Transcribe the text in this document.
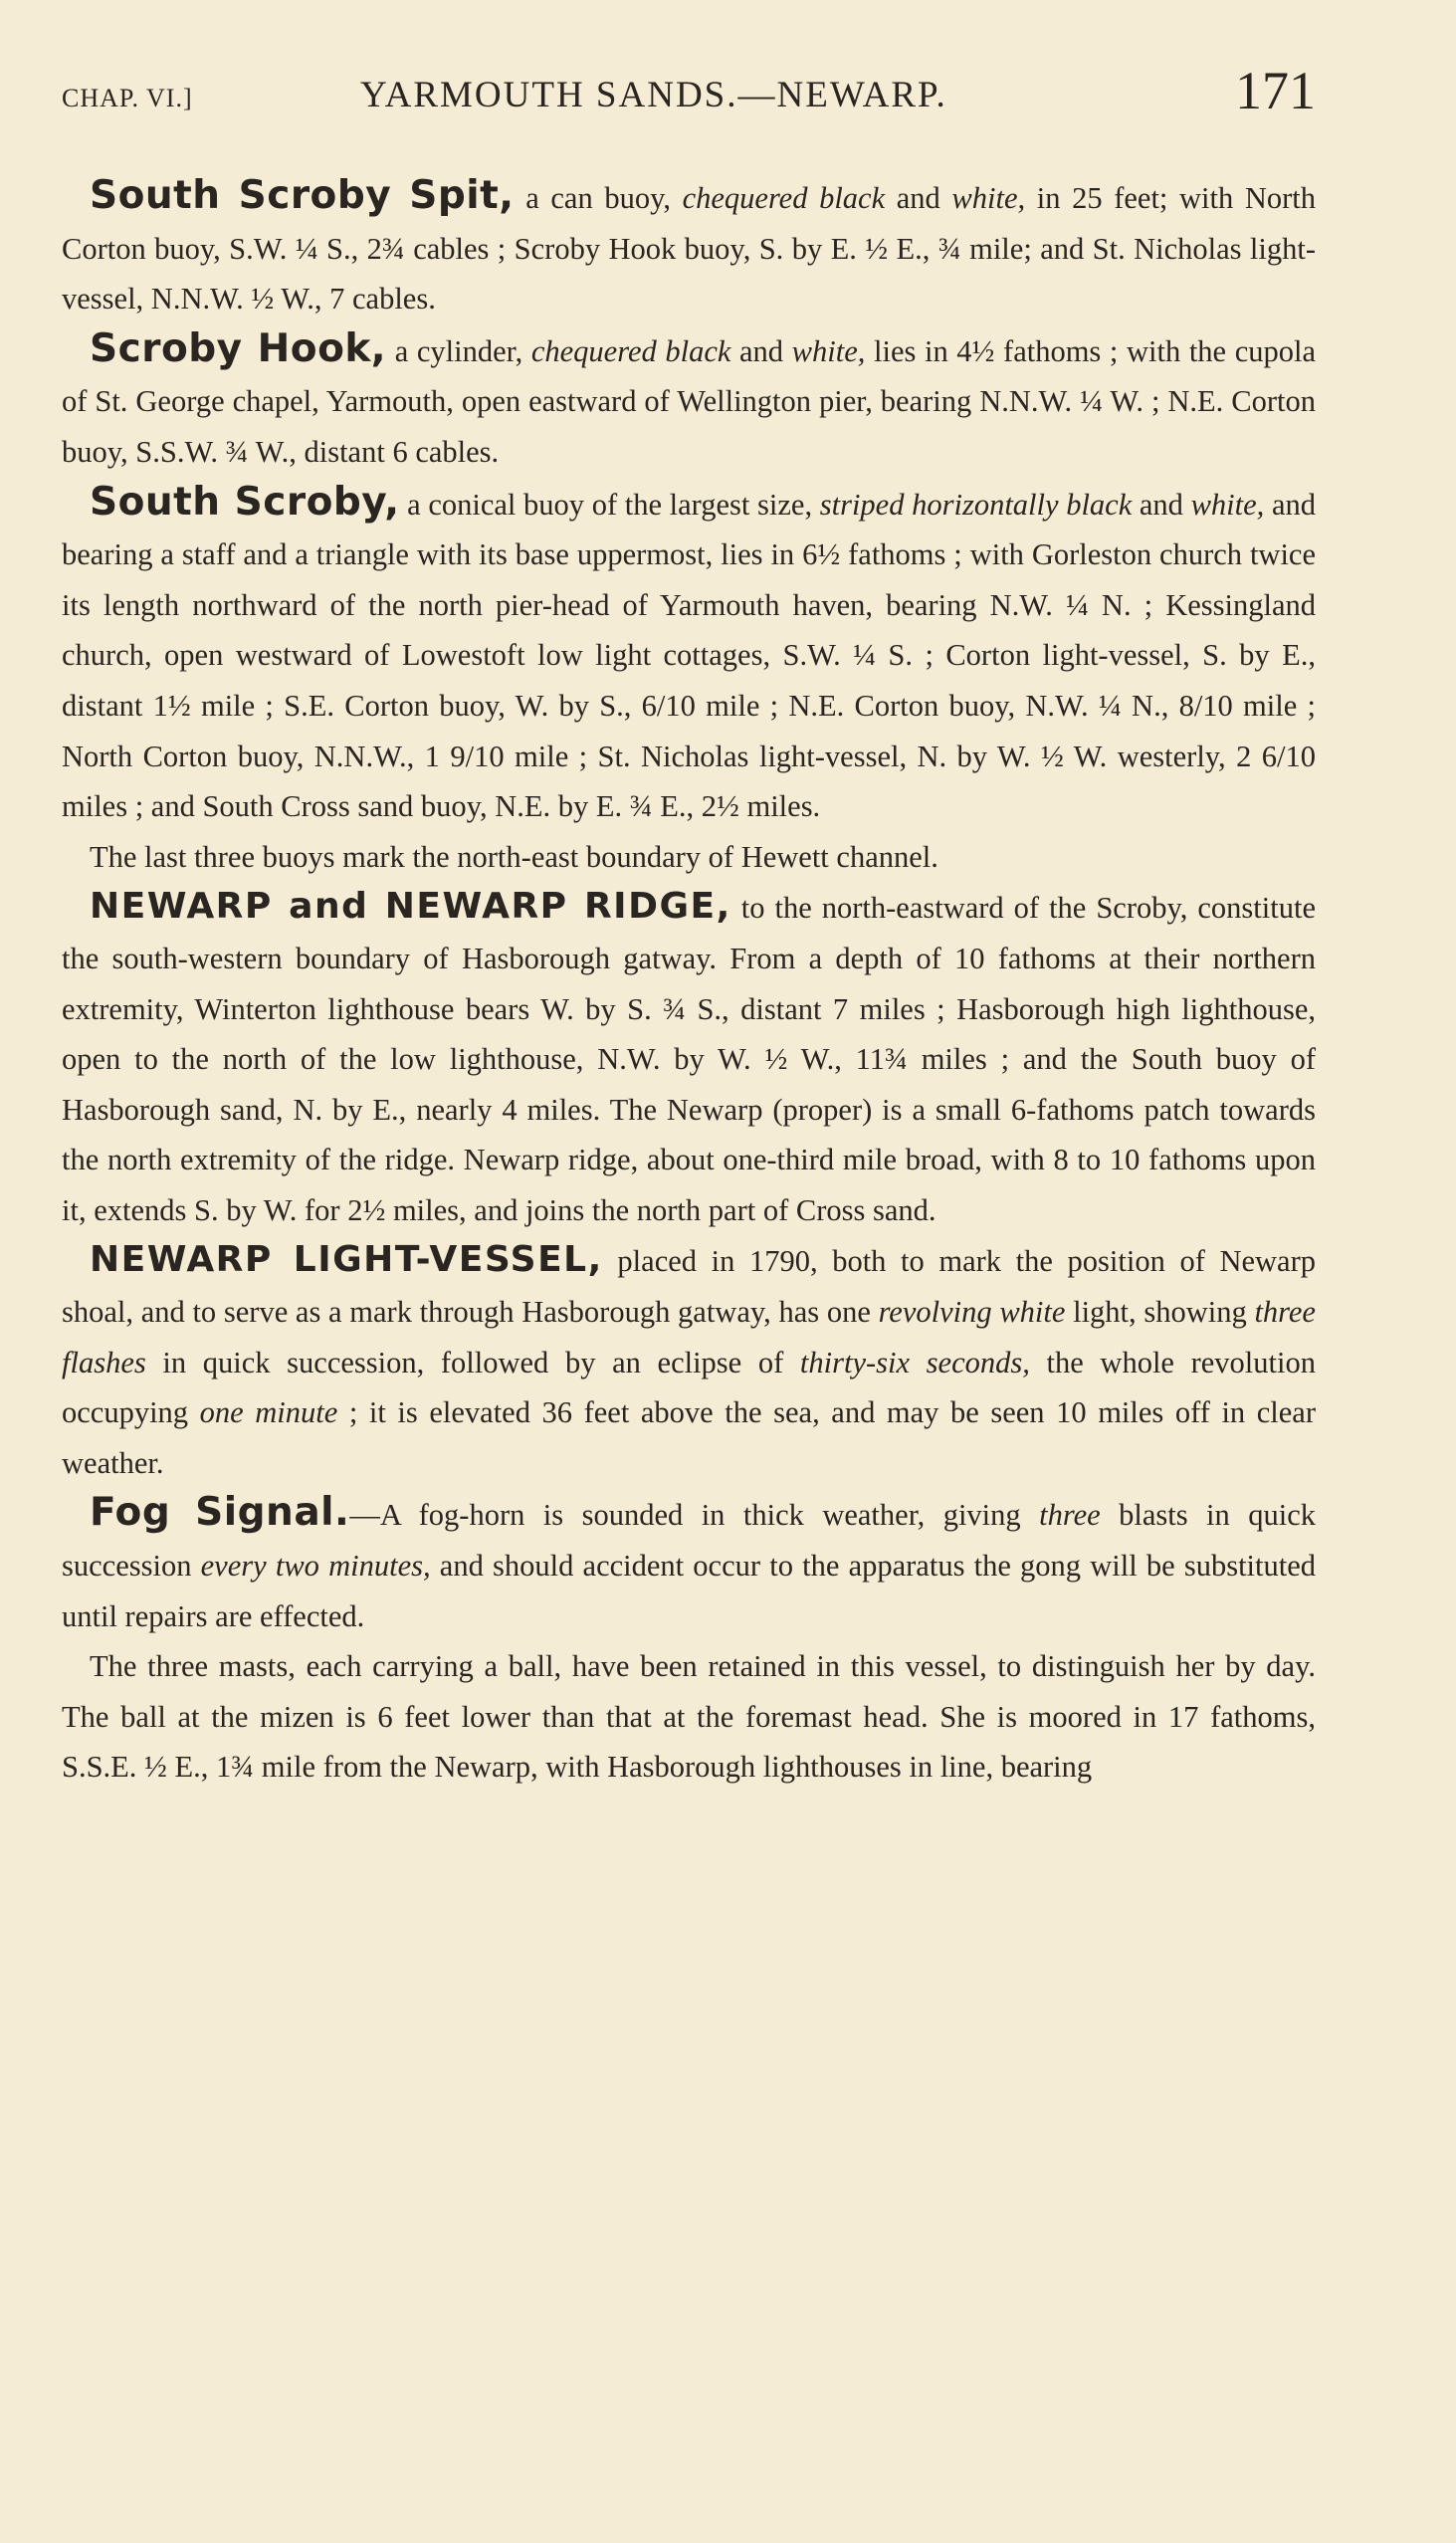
CHAP. VI.]	YARMOUTH SANDS.—NEWARP.	171

South Scroby Spit, a can buoy, chequered black and white, in 25 feet; with North Corton buoy, S.W. ¼ S., 2¾ cables ; Scroby Hook buoy, S. by E. ½ E., ¾ mile; and St. Nicholas light-vessel, N.N.W. ½ W., 7 cables.

Scroby Hook, a cylinder, chequered black and white, lies in 4½ fathoms ; with the cupola of St. George chapel, Yarmouth, open eastward of Wellington pier, bearing N.N.W. ¼ W. ; N.E. Corton buoy, S.S.W. ¾ W., distant 6 cables.

South Scroby, a conical buoy of the largest size, striped horizontally black and white, and bearing a staff and a triangle with its base uppermost, lies in 6½ fathoms ; with Gorleston church twice its length northward of the north pier-head of Yarmouth haven, bearing N.W. ¼ N. ; Kessingland church, open westward of Lowestoft low light cottages, S.W. ¼ S. ; Corton light-vessel, S. by E., distant 1½ mile ; S.E. Corton buoy, W. by S., 6/10 mile ; N.E. Corton buoy, N.W. ¼ N., 8/10 mile ; North Corton buoy, N.N.W., 1 9/10 mile ; St. Nicholas light-vessel, N. by W. ½ W. westerly, 2 6/10 miles ; and South Cross sand buoy, N.E. by E. ¾ E., 2½ miles.

The last three buoys mark the north-east boundary of Hewett channel.

NEWARP and NEWARP RIDGE, to the north-eastward of the Scroby, constitute the south-western boundary of Hasborough gatway. From a depth of 10 fathoms at their northern extremity, Winterton lighthouse bears W. by S. ¾ S., distant 7 miles ; Hasborough high lighthouse, open to the north of the low lighthouse, N.W. by W. ½ W., 11¾ miles ; and the South buoy of Hasborough sand, N. by E., nearly 4 miles. The Newarp (proper) is a small 6-fathoms patch towards the north extremity of the ridge. Newarp ridge, about one-third mile broad, with 8 to 10 fathoms upon it, extends S. by W. for 2½ miles, and joins the north part of Cross sand.

NEWARP LIGHT-VESSEL, placed in 1790, both to mark the position of Newarp shoal, and to serve as a mark through Hasborough gatway, has one revolving white light, showing three flashes in quick succession, followed by an eclipse of thirty-six seconds, the whole revolution occupying one minute ; it is elevated 36 feet above the sea, and may be seen 10 miles off in clear weather.

Fog Signal.—A fog-horn is sounded in thick weather, giving three blasts in quick succession every two minutes, and should accident occur to the apparatus the gong will be substituted until repairs are effected.

The three masts, each carrying a ball, have been retained in this vessel, to distinguish her by day. The ball at the mizen is 6 feet lower than that at the foremast head. She is moored in 17 fathoms, S.S.E. ½ E., 1¾ mile from the Newarp, with Hasborough lighthouses in line, bearing
